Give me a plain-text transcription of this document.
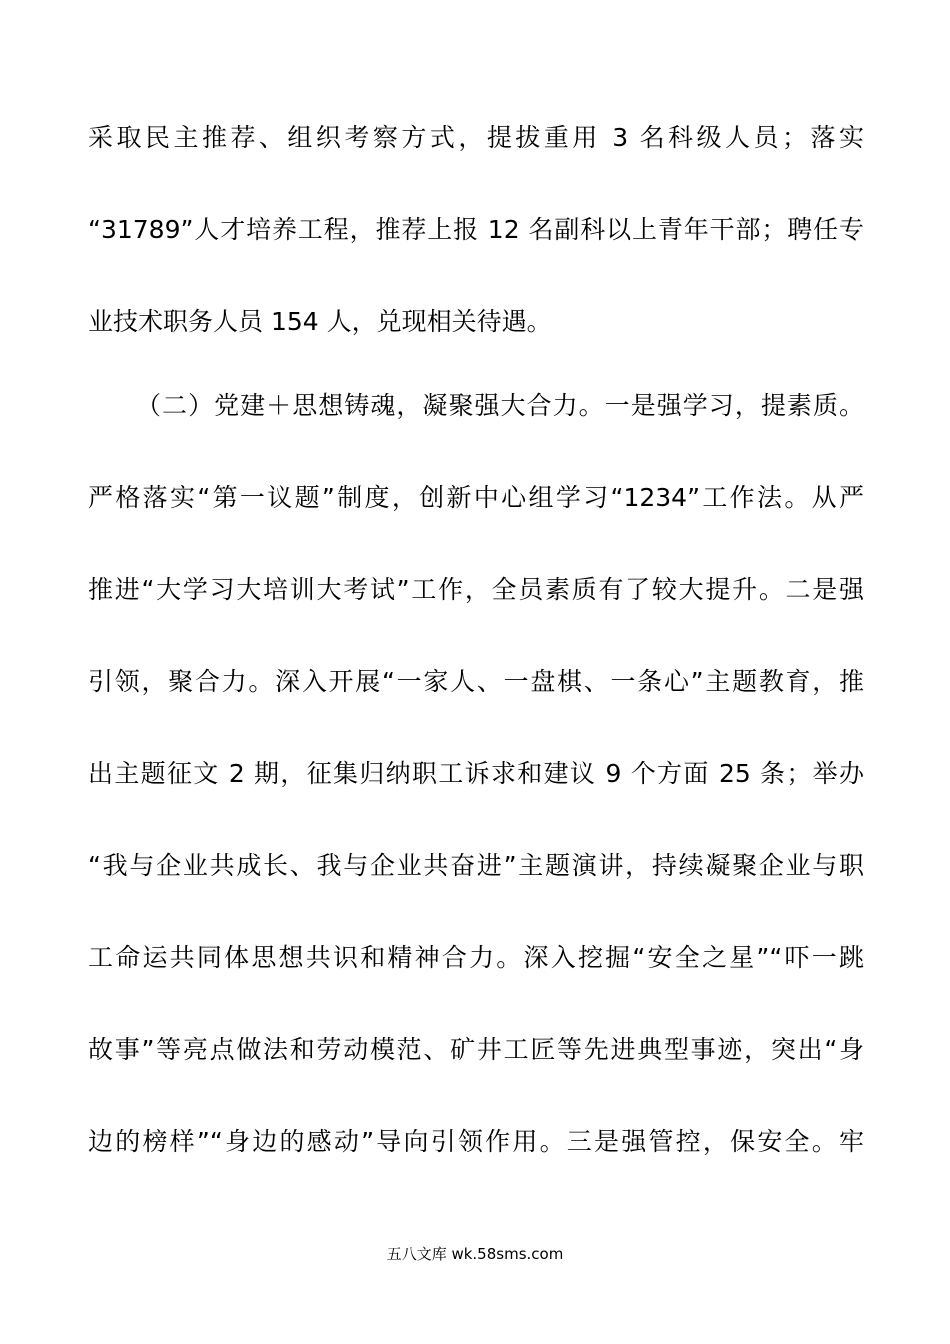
采取民主推荐、组织考察方式，提拔重用 3 名科级人员；落实
“31789”人才培养工程，推荐上报 12 名副科以上青年干部；聘任专
业技术职务人员 154 人，兑现相关待遇。
（二）党建＋思想铸魂，凝聚强大合力。一是强学习，提素质。
严格落实“第一议题”制度，创新中心组学习“1234”工作法。从严
推进“大学习大培训大考试”工作，全员素质有了较大提升。二是强
引领，聚合力。深入开展“一家人、一盘棋、一条心”主题教育，推
出主题征文 2 期，征集归纳职工诉求和建议 9 个方面 25 条；举办
“我与企业共成长、我与企业共奋进”主题演讲，持续凝聚企业与职
工命运共同体思想共识和精神合力。深入挖掘“安全之星”“吓一跳
故事”等亮点做法和劳动模范、矿井工匠等先进典型事迹，突出“身
边的榜样”“身边的感动”导向引领作用。三是强管控，保安全。牢
五八文库 wk.58sms.com
